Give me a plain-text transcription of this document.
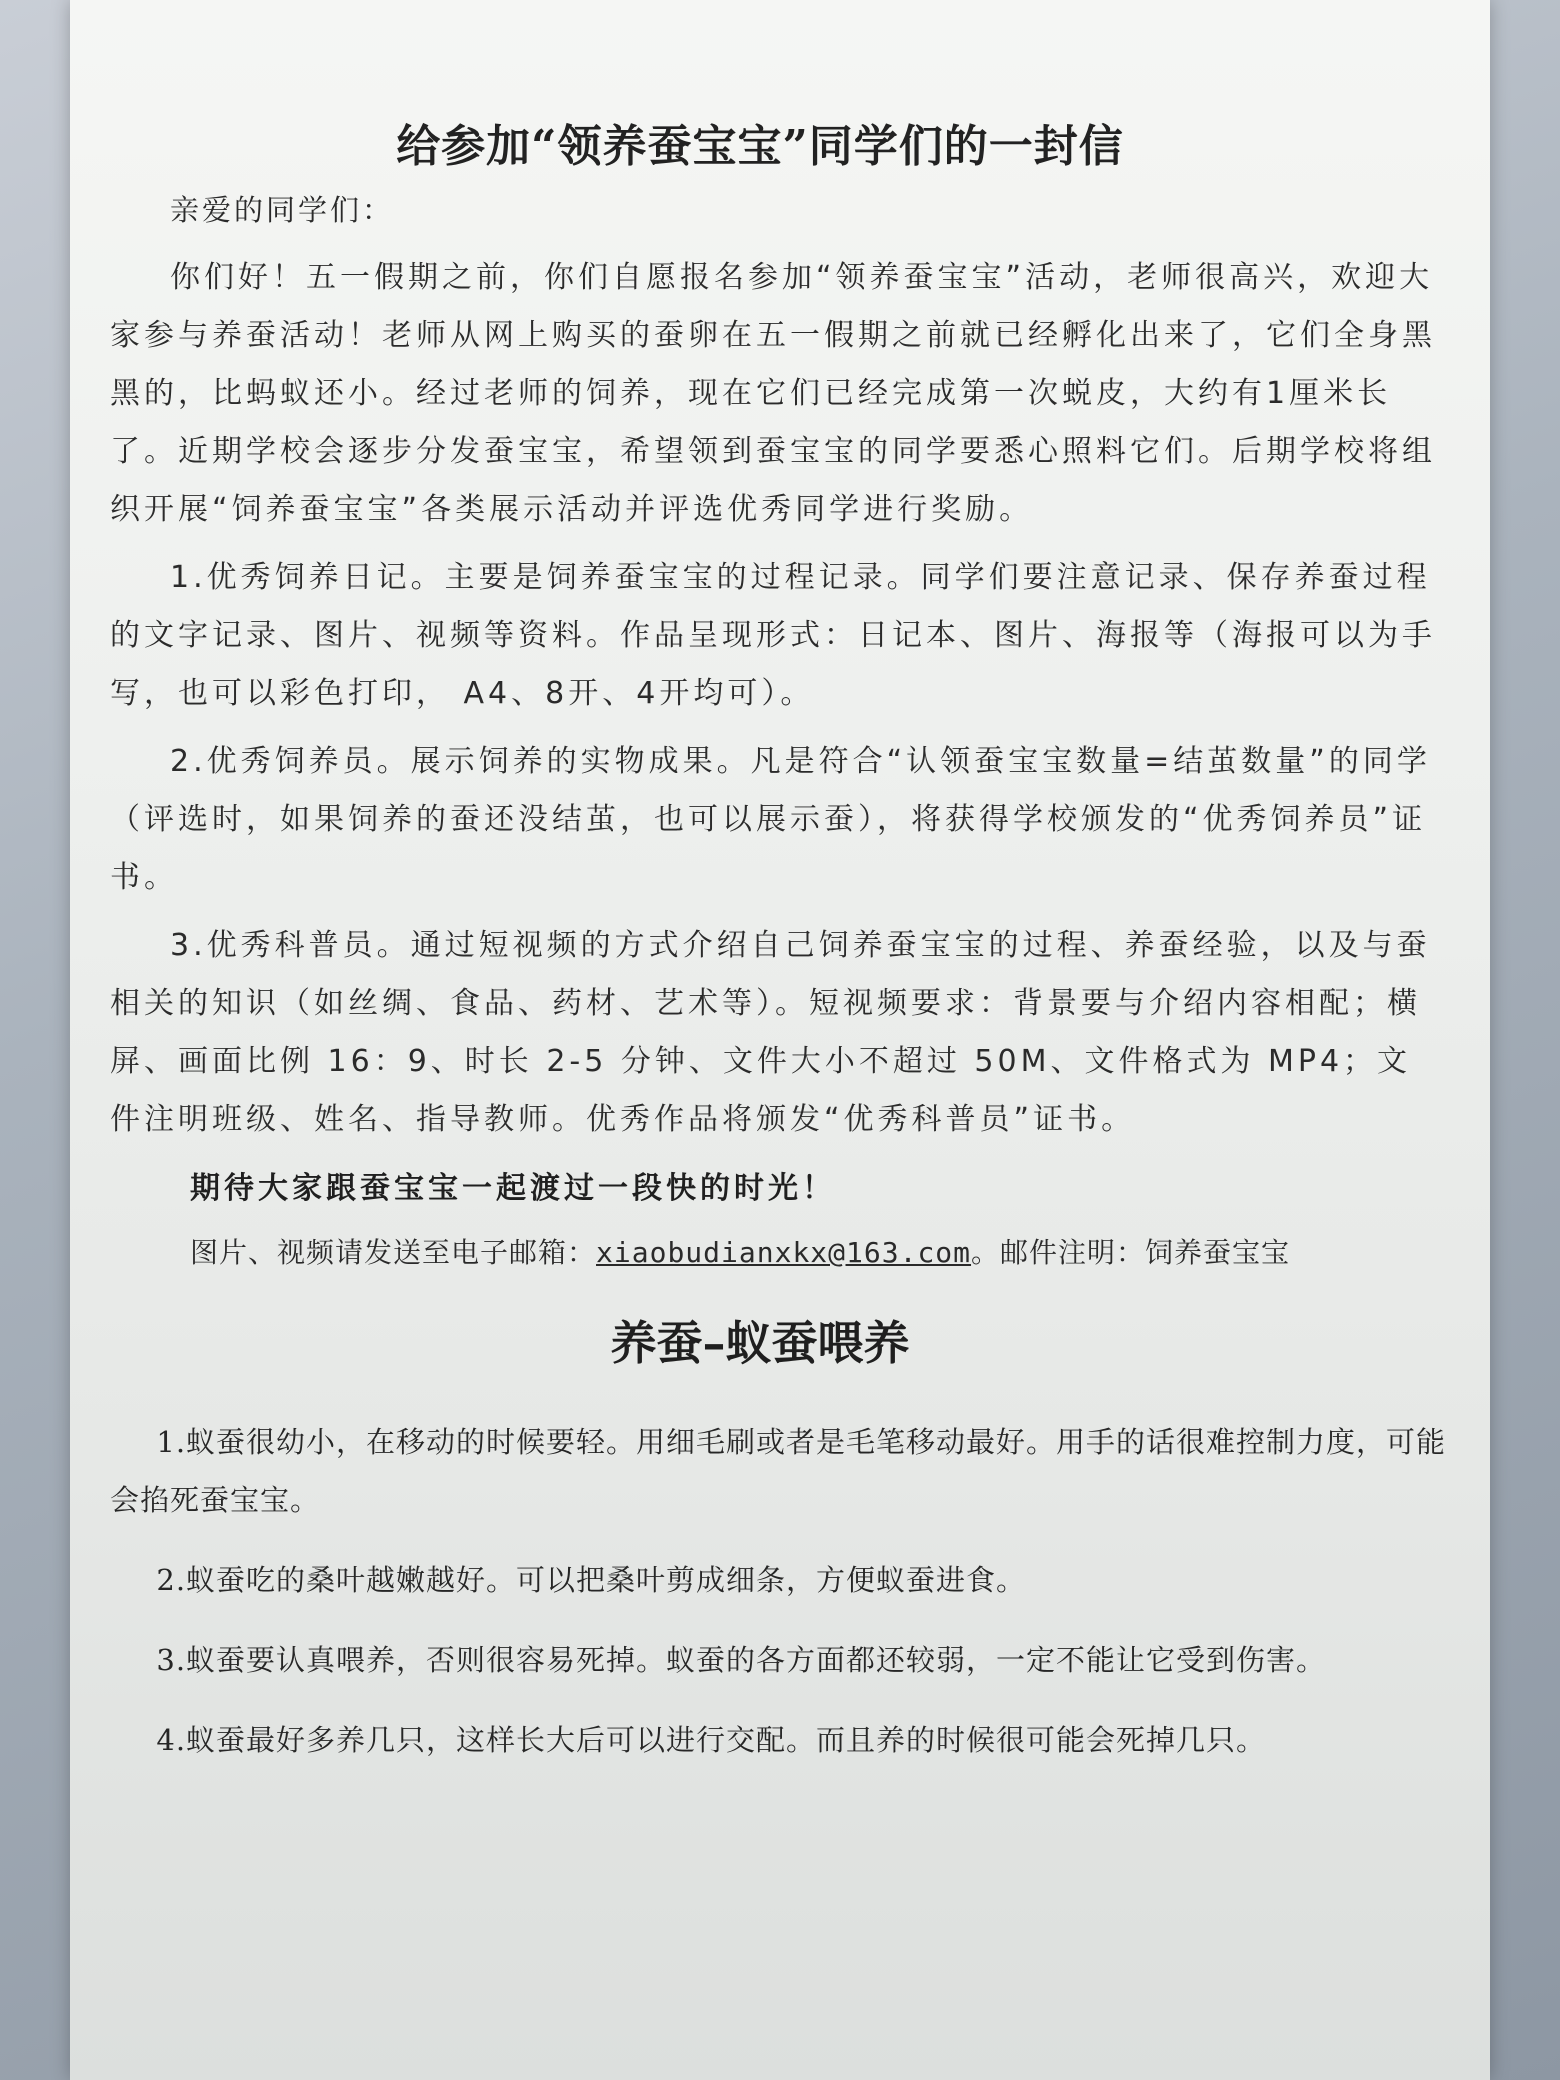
给参加“领养蚕宝宝”同学们的一封信

亲爱的同学们：

你们好！五一假期之前，你们自愿报名参加“领养蚕宝宝”活动，老师很高兴，欢迎大家参与养蚕活动！老师从网上购买的蚕卵在五一假期之前就已经孵化出来了，它们全身黑黑的，比蚂蚁还小。经过老师的饲养，现在它们已经完成第一次蜕皮，大约有1厘米长了。近期学校会逐步分发蚕宝宝，希望领到蚕宝宝的同学要悉心照料它们。后期学校将组织开展“饲养蚕宝宝”各类展示活动并评选优秀同学进行奖励。

1.优秀饲养日记。主要是饲养蚕宝宝的过程记录。同学们要注意记录、保存养蚕过程的文字记录、图片、视频等资料。作品呈现形式：日记本、图片、海报等（海报可以为手写，也可以彩色打印， A4、8开、4开均可）。

2.优秀饲养员。展示饲养的实物成果。凡是符合“认领蚕宝宝数量=结茧数量”的同学（评选时，如果饲养的蚕还没结茧，也可以展示蚕），将获得学校颁发的“优秀饲养员”证书。

3.优秀科普员。通过短视频的方式介绍自己饲养蚕宝宝的过程、养蚕经验，以及与蚕相关的知识（如丝绸、食品、药材、艺术等）。短视频要求：背景要与介绍内容相配；横屏、画面比例 16：9、时长 2-5 分钟、文件大小不超过 50M、文件格式为 MP4；文件注明班级、姓名、指导教师。优秀作品将颁发“优秀科普员”证书。

期待大家跟蚕宝宝一起渡过一段快的时光！

图片、视频请发送至电子邮箱：xiaobudianxkx@163.com。邮件注明：饲养蚕宝宝

养蚕–蚁蚕喂养

1.蚁蚕很幼小，在移动的时候要轻。用细毛刷或者是毛笔移动最好。用手的话很难控制力度，可能会掐死蚕宝宝。

2.蚁蚕吃的桑叶越嫩越好。可以把桑叶剪成细条，方便蚁蚕进食。

3.蚁蚕要认真喂养，否则很容易死掉。蚁蚕的各方面都还较弱，一定不能让它受到伤害。

4.蚁蚕最好多养几只，这样长大后可以进行交配。而且养的时候很可能会死掉几只。
